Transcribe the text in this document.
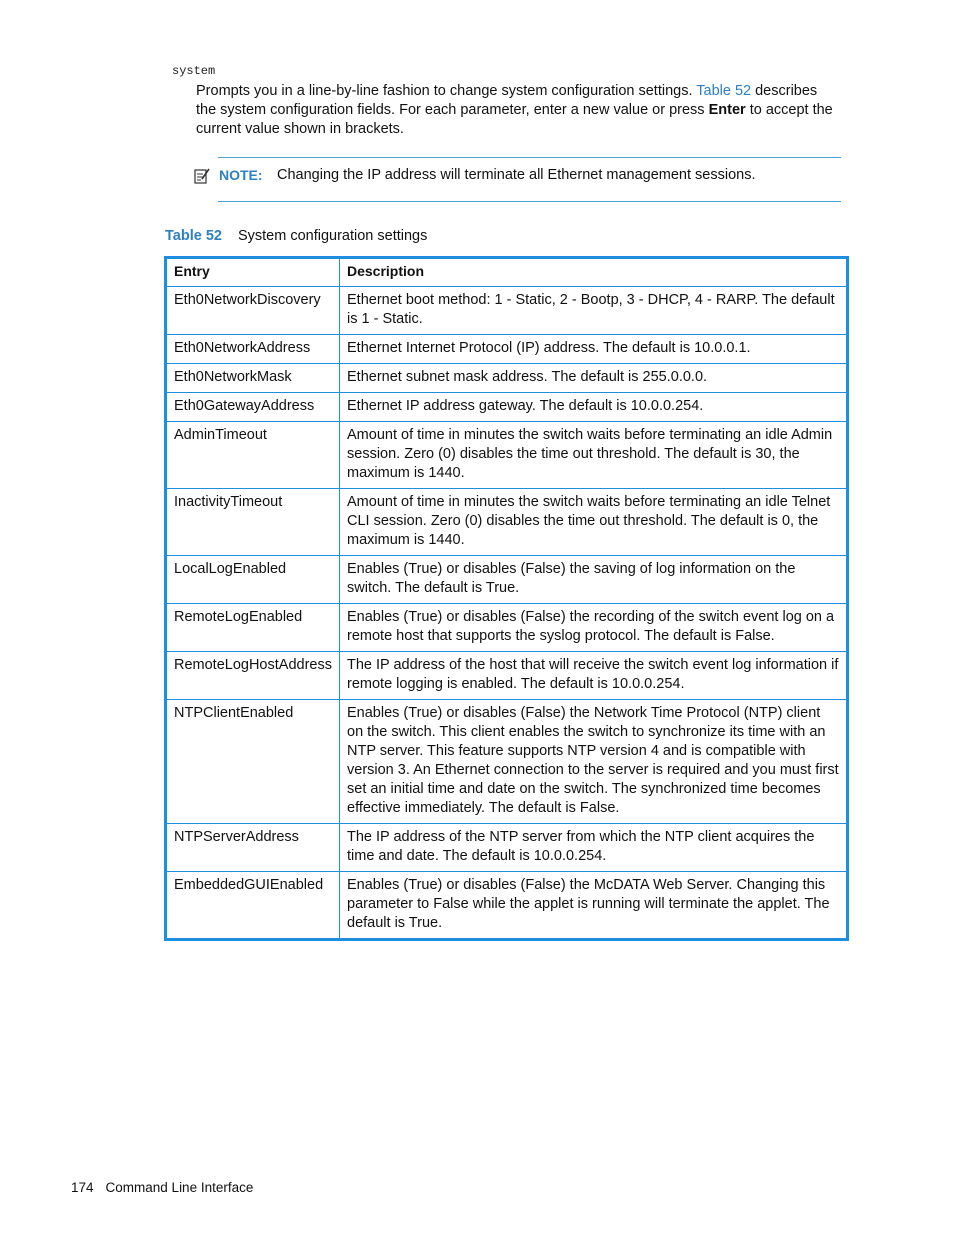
system

Prompts you in a line-by-line fashion to change system configuration settings. Table 52 describes the system configuration fields. For each parameter, enter a new value or press Enter to accept the current value shown in brackets.

NOTE: Changing the IP address will terminate all Ethernet management sessions.
Table 52 System configuration settings
Entry	Description
Eth0NetworkDiscovery	Ethernet boot method: 1 - Static, 2 - Bootp, 3 - DHCP, 4 - RARP. The default is 1 - Static.
Eth0NetworkAddress	Ethernet Internet Protocol (IP) address. The default is 10.0.0.1.
Eth0NetworkMask	Ethernet subnet mask address. The default is 255.0.0.0.
Eth0GatewayAddress	Ethernet IP address gateway. The default is 10.0.0.254.
AdminTimeout	Amount of time in minutes the switch waits before terminating an idle Admin session. Zero (0) disables the time out threshold. The default is 30, the maximum is 1440.
InactivityTimeout	Amount of time in minutes the switch waits before terminating an idle Telnet CLI session. Zero (0) disables the time out threshold. The default is 0, the maximum is 1440.
LocalLogEnabled	Enables (True) or disables (False) the saving of log information on the switch. The default is True.
RemoteLogEnabled	Enables (True) or disables (False) the recording of the switch event log on a remote host that supports the syslog protocol. The default is False.
RemoteLogHostAddress	The IP address of the host that will receive the switch event log information if remote logging is enabled. The default is 10.0.0.254.
NTPClientEnabled	Enables (True) or disables (False) the Network Time Protocol (NTP) client on the switch. This client enables the switch to synchronize its time with an NTP server. This feature supports NTP version 4 and is compatible with version 3. An Ethernet connection to the server is required and you must first set an initial time and date on the switch. The synchronized time becomes effective immediately. The default is False.
NTPServerAddress	The IP address of the NTP server from which the NTP client acquires the time and date. The default is 10.0.0.254.
EmbeddedGUIEnabled	Enables (True) or disables (False) the McDATA Web Server. Changing this parameter to False while the applet is running will terminate the applet. The default is True.
174 Command Line Interface
